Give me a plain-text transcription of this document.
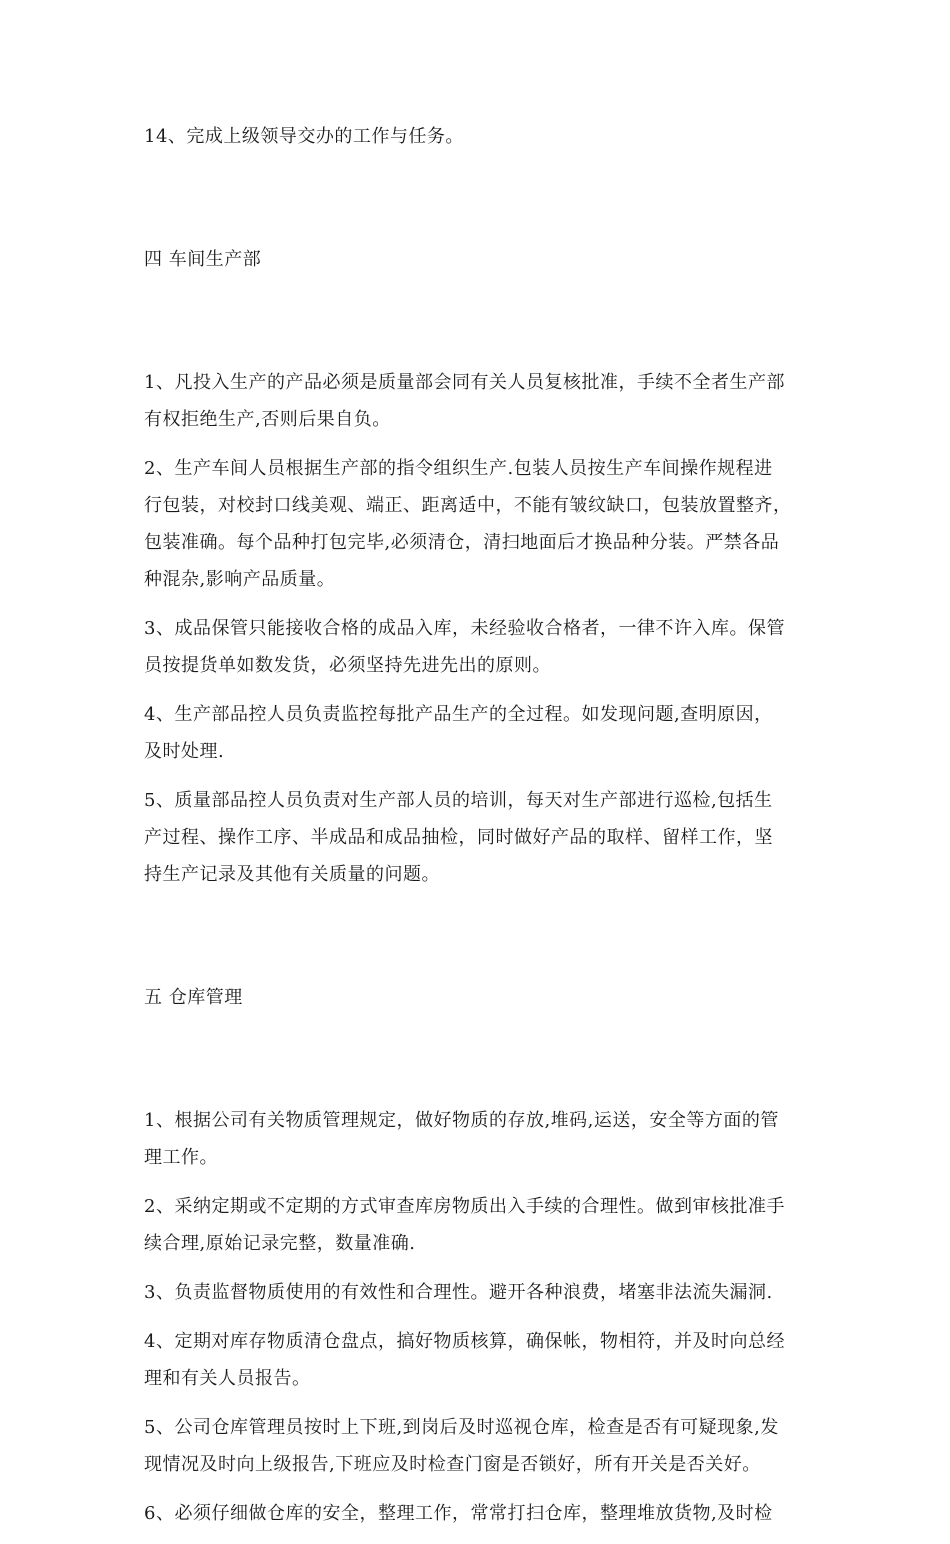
14、完成上级领导交办的工作与任务。

四 车间生产部

1、凡投入生产的产品必须是质量部会同有关人员复核批准，手续不全者生产部
有权拒绝生产,否则后果自负。

2、生产车间人员根据生产部的指令组织生产.包装人员按生产车间操作规程进
行包装，对校封口线美观、端正、距离适中，不能有皱纹缺口，包装放置整齐，
包装准确。每个品种打包完毕,必须清仓，清扫地面后才换品种分装。严禁各品
种混杂,影响产品质量。

3、成品保管只能接收合格的成品入库，未经验收合格者，一律不许入库。保管
员按提货单如数发货，必须坚持先进先出的原则。

4、生产部品控人员负责监控每批产品生产的全过程。如发现问题,查明原因，
及时处理.

5、质量部品控人员负责对生产部人员的培训，每天对生产部进行巡检,包括生
产过程、操作工序、半成品和成品抽检，同时做好产品的取样、留样工作，坚
持生产记录及其他有关质量的问题。

五 仓库管理

1、根据公司有关物质管理规定，做好物质的存放,堆码,运送，安全等方面的管
理工作。

2、采纳定期或不定期的方式审查库房物质出入手续的合理性。做到审核批准手
续合理,原始记录完整，数量准确.

3、负责监督物质使用的有效性和合理性。避开各种浪费，堵塞非法流失漏洞.

4、定期对库存物质清仓盘点，搞好物质核算，确保帐，物相符，并及时向总经
理和有关人员报告。

5、公司仓库管理员按时上下班,到岗后及时巡视仓库，检查是否有可疑现象,发
现情况及时向上级报告,下班应及时检查门窗是否锁好，所有开关是否关好。

6、必须仔细做仓库的安全，整理工作，常常打扫仓库，整理堆放货物,及时检
